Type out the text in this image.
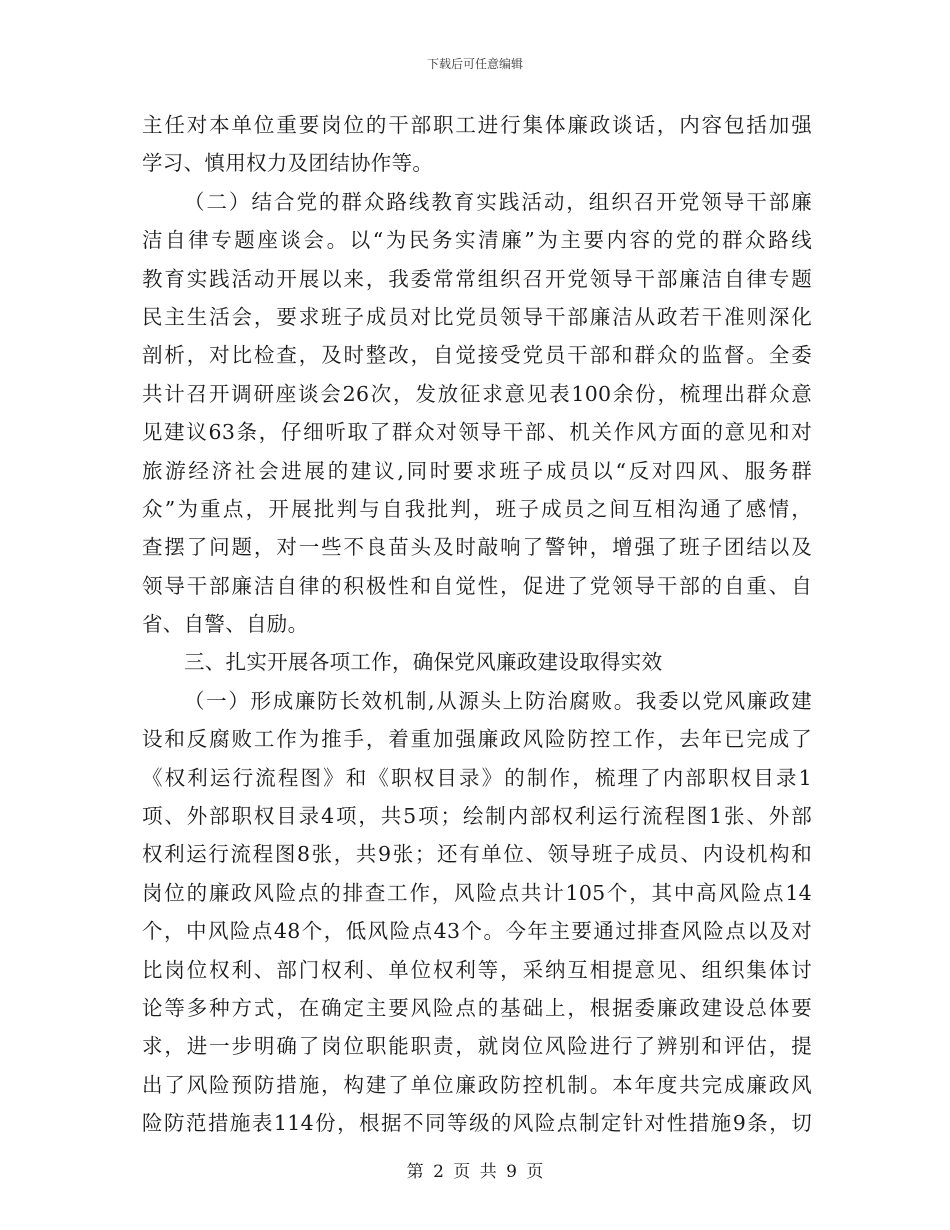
下载后可任意编辑
主任对本单位重要岗位的干部职工进行集体廉政谈话，内容包括加强
学习、慎用权力及团结协作等。
（二）结合党的群众路线教育实践活动，组织召开党领导干部廉
洁自律专题座谈会。以“为民务实清廉”为主要内容的党的群众路线
教育实践活动开展以来，我委常常组织召开党领导干部廉洁自律专题
民主生活会，要求班子成员对比党员领导干部廉洁从政若干准则深化
剖析，对比检查，及时整改，自觉接受党员干部和群众的监督。全委
共计召开调研座谈会26次，发放征求意见表100余份，梳理出群众意
见建议63条，仔细听取了群众对领导干部、机关作风方面的意见和对
旅游经济社会进展的建议,同时要求班子成员以“反对四风、服务群
众”为重点，开展批判与自我批判，班子成员之间互相沟通了感情，
查摆了问题，对一些不良苗头及时敲响了警钟，增强了班子团结以及
领导干部廉洁自律的积极性和自觉性，促进了党领导干部的自重、自
省、自警、自励。
三、扎实开展各项工作，确保党风廉政建设取得实效
（一）形成廉防长效机制,从源头上防治腐败。我委以党风廉政建
设和反腐败工作为推手，着重加强廉政风险防控工作，去年已完成了
《权利运行流程图》和《职权目录》的制作，梳理了内部职权目录1
项、外部职权目录4项，共5项；绘制内部权利运行流程图1张、外部
权利运行流程图8张，共9张；还有单位、领导班子成员、内设机构和
岗位的廉政风险点的排查工作，风险点共计105个，其中高风险点14
个，中风险点48个，低风险点43个。今年主要通过排查风险点以及对
比岗位权利、部门权利、单位权利等，采纳互相提意见、组织集体讨
论等多种方式，在确定主要风险点的基础上，根据委廉政建设总体要
求，进一步明确了岗位职能职责，就岗位风险进行了辨别和评估，提
出了风险预防措施，构建了单位廉政防控机制。本年度共完成廉政风
险防范措施表114份，根据不同等级的风险点制定针对性措施9条，切
第 2 页 共 9 页
